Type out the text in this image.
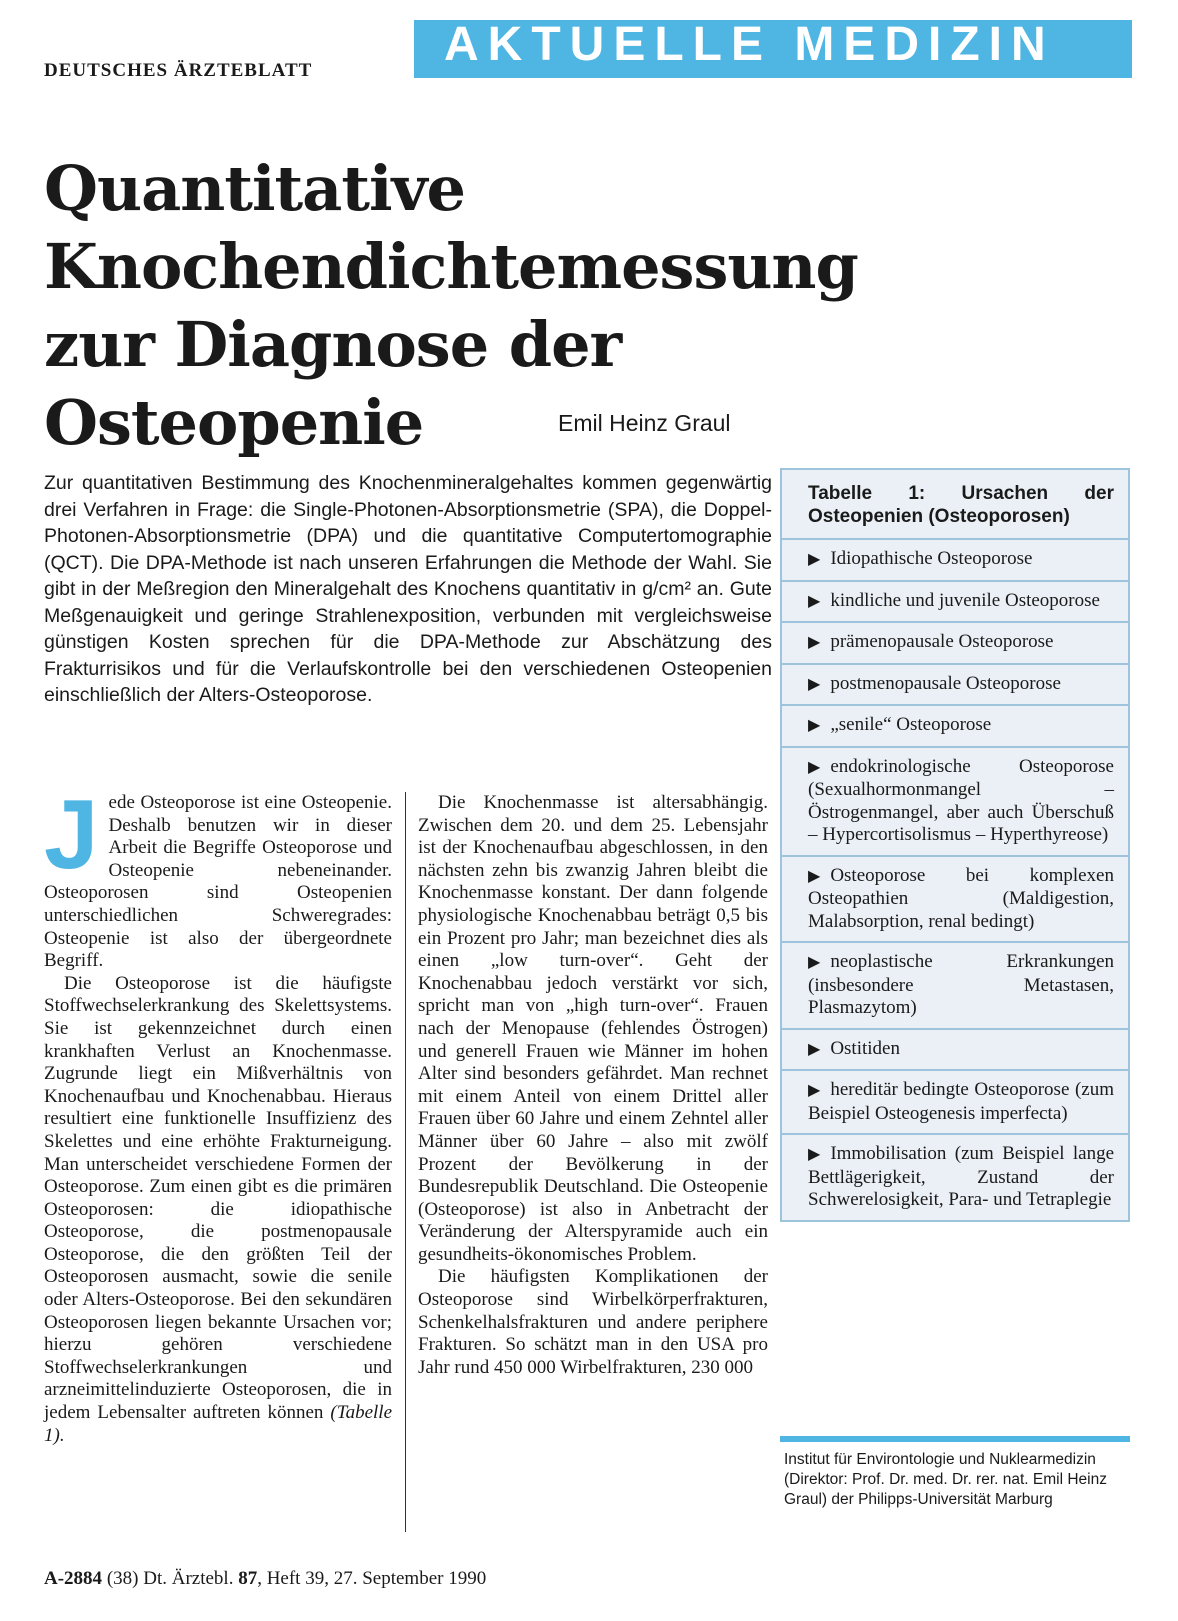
DEUTSCHES ÄRZTEBLATT	AKTUELLE MEDIZIN
Quantitative Knochendichtemessung zur Diagnose der Osteopenie	Emil Heinz Graul

Zur quantitativen Bestimmung des Knochenmineralgehaltes kommen gegenwärtig drei Verfahren in Frage: die Single-Photonen-Absorptionsmetrie (SPA), die Doppel-Photonen-Absorptionsmetrie (DPA) und die quantitative Computertomographie (QCT). Die DPA-Methode ist nach unseren Erfahrungen die Methode der Wahl. Sie gibt in der Meßregion den Mineralgehalt des Knochens quantitativ in g/cm² an. Gute Meßgenauigkeit und geringe Strahlenexposition, verbunden mit vergleichsweise günstigen Kosten sprechen für die DPA-Methode zur Abschätzung des Frakturrisikos und für die Verlaufskontrolle bei den verschiedenen Osteopenien einschließlich der Alters-Osteoporose.

Jede Osteoporose ist eine Osteopenie. Deshalb benutzen wir in dieser Arbeit die Begriffe Osteoporose und Osteopenie nebeneinander. Osteoporosen sind Osteopenien unterschiedlichen Schweregrades: Osteopenie ist also der übergeordnete Begriff.

Die Osteoporose ist die häufigste Stoffwechselerkrankung des Skelettsystems. Sie ist gekennzeichnet durch einen krankhaften Verlust an Knochenmasse. Zugrunde liegt ein Mißverhältnis von Knochenaufbau und Knochenabbau. Hieraus resultiert eine funktionelle Insuffizienz des Skelettes und eine erhöhte Frakturneigung. Man unterscheidet verschiedene Formen der Osteoporose. Zum einen gibt es die primären Osteoporosen: die idiopathische Osteoporose, die postmenopausale Osteoporose, die den größten Teil der Osteoporosen ausmacht, sowie die senile oder Alters-Osteoporose. Bei den sekundären Osteoporosen liegen bekannte Ursachen vor; hierzu gehören verschiedene Stoffwechselerkrankungen und arzneimittelinduzierte Osteoporosen, die in jedem Lebensalter auftreten können (Tabelle 1).

Die Knochenmasse ist altersabhängig. Zwischen dem 20. und dem 25. Lebensjahr ist der Knochenaufbau abgeschlossen, in den nächsten zehn bis zwanzig Jahren bleibt die Knochenmasse konstant. Der dann folgende physiologische Knochenabbau beträgt 0,5 bis ein Prozent pro Jahr; man bezeichnet dies als einen „low turn-over“. Geht der Knochenabbau jedoch verstärkt vor sich, spricht man von „high turn-over“. Frauen nach der Menopause (fehlendes Östrogen) und generell Frauen wie Männer im hohen Alter sind besonders gefährdet. Man rechnet mit einem Anteil von einem Drittel aller Frauen über 60 Jahre und einem Zehntel aller Männer über 60 Jahre – also mit zwölf Prozent der Bevölkerung in der Bundesrepublik Deutschland. Die Osteopenie (Osteoporose) ist also in Anbetracht der Veränderung der Alterspyramide auch ein gesundheits-ökonomisches Problem.

Die häufigsten Komplikationen der Osteoporose sind Wirbelkörperfrakturen, Schenkelhalsfrakturen und andere periphere Frakturen. So schätzt man in den USA pro Jahr rund 450 000 Wirbelfrakturen, 230 000

Tabelle 1: Ursachen der Osteopenien (Osteoporosen)
▶ Idiopathische Osteoporose
▶ kindliche und juvenile Osteoporose
▶ prämenopausale Osteoporose
▶ postmenopausale Osteoporose
▶ „senile“ Osteoporose
▶ endokrinologische Osteoporose (Sexualhormonmangel – Östrogenmangel, aber auch Überschuß – Hypercortisolismus – Hyperthyreose)
▶ Osteoporose bei komplexen Osteopathien (Maldigestion, Malabsorption, renal bedingt)
▶ neoplastische Erkrankungen (insbesondere Metastasen, Plasmazytom)
▶ Ostitiden
▶ hereditär bedingte Osteoporose (zum Beispiel Osteogenesis imperfecta)
▶ Immobilisation (zum Beispiel lange Bettlägerigkeit, Zustand der Schwerelosigkeit, Para- und Tetraplegie

Institut für Environtologie und Nuklearmedizin (Direktor: Prof. Dr. med. Dr. rer. nat. Emil Heinz Graul) der Philipps-Universität Marburg

A-2884 (38) Dt. Ärztebl. 87, Heft 39, 27. September 1990
